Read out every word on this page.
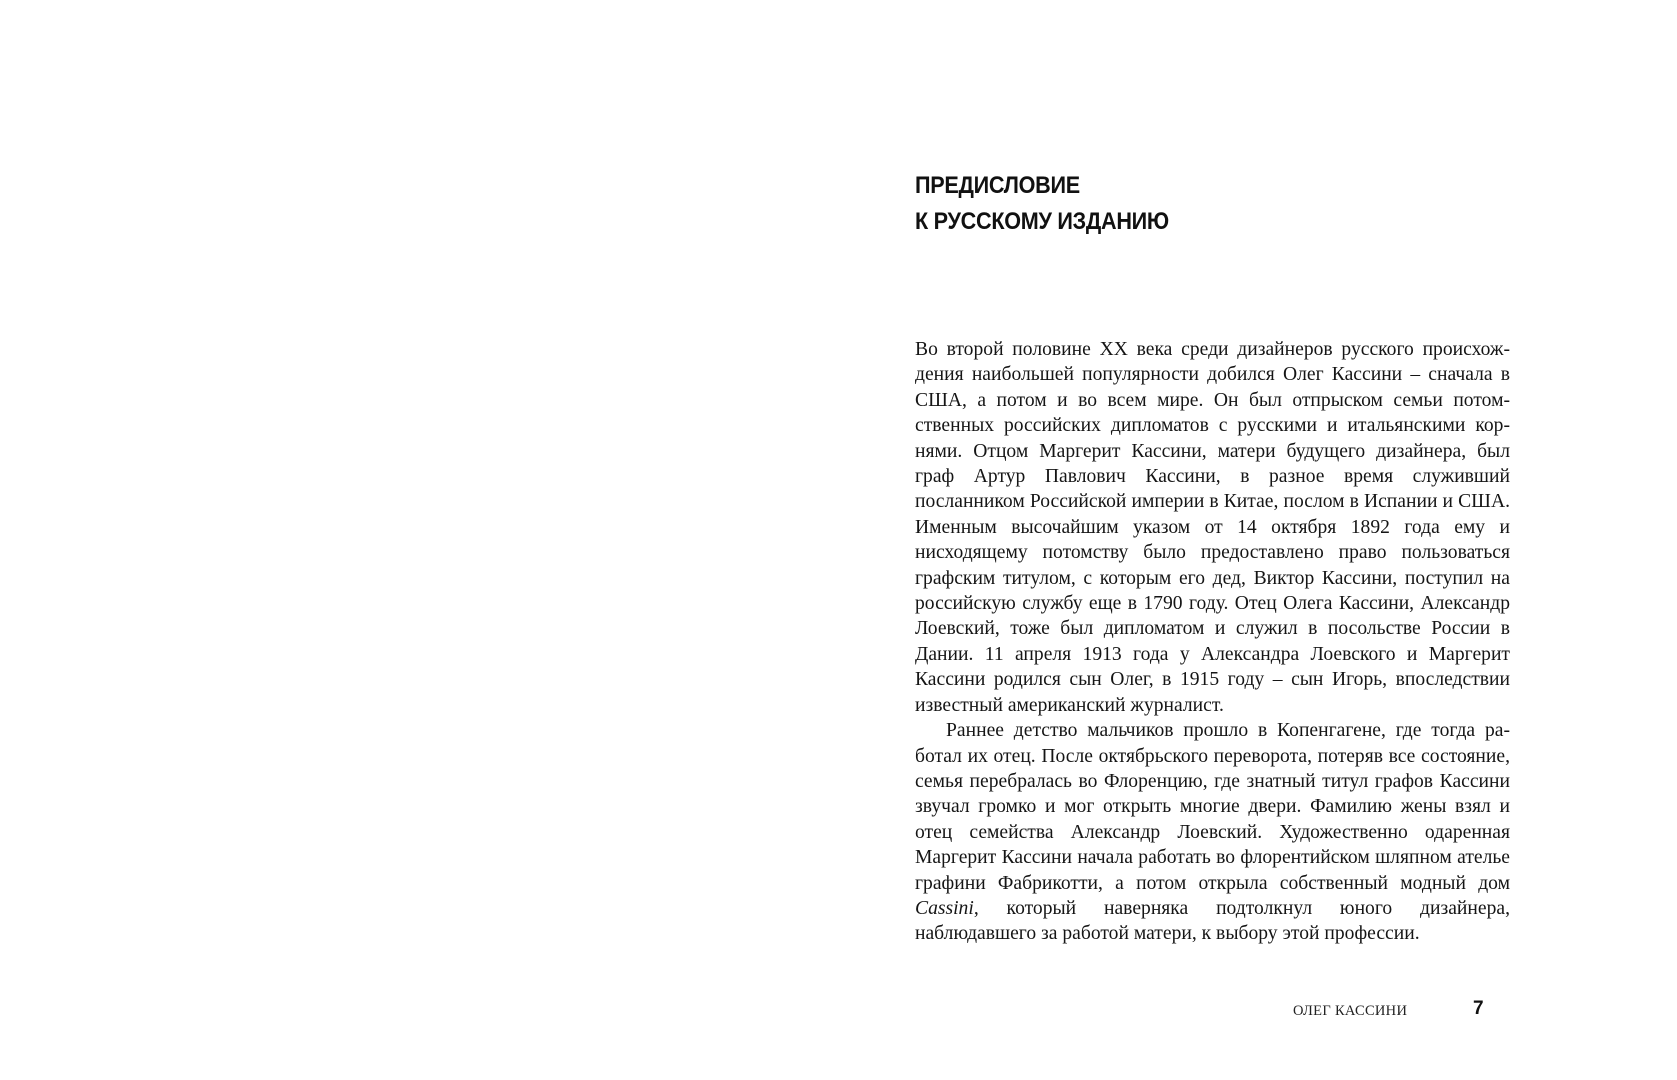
ПРЕДИСЛОВИЕ
К РУССКОМУ ИЗДАНИЮ

Во второй половине XX века среди дизайнеров русского происхождения наибольшей популярности добился Олег Кассини – сначала в США, а потом и во всем мире. Он был отпрыском семьи потомственных российских дипломатов с русскими и итальянскими корнями. Отцом Маргерит Кассини, матери будущего дизайнера, был граф Артур Павлович Кассини, в разное время служивший посланником Российской империи в Китае, послом в Испании и США. Именным высочайшим указом от 14 октября 1892 года ему и нисходящему потомству было предоставлено право пользоваться графским титулом, с которым его дед, Виктор Кассини, поступил на российскую службу еще в 1790 году. Отец Олега Кассини, Александр Лоевский, тоже был дипломатом и служил в посольстве России в Дании. 11 апреля 1913 года у Александра Лоевского и Маргерит Кассини родился сын Олег, в 1915 году – сын Игорь, впоследствии известный американский журналист.

Раннее детство мальчиков прошло в Копенгагене, где тогда работал их отец. После октябрьского переворота, потеряв все состояние, семья перебралась во Флоренцию, где знатный титул графов Кассини звучал громко и мог открыть многие двери. Фамилию жены взял и отец семейства Александр Лоевский. Художественно одаренная Маргерит Кассини начала работать во флорентийском шляпном ателье графини Фабрикотти, а потом открыла собственный модный дом Cassini, который наверняка подтолкнул юного дизайнера, наблюдавшего за работой матери, к выбору этой профессии.

ОЛЕГ КАССИНИ	7
